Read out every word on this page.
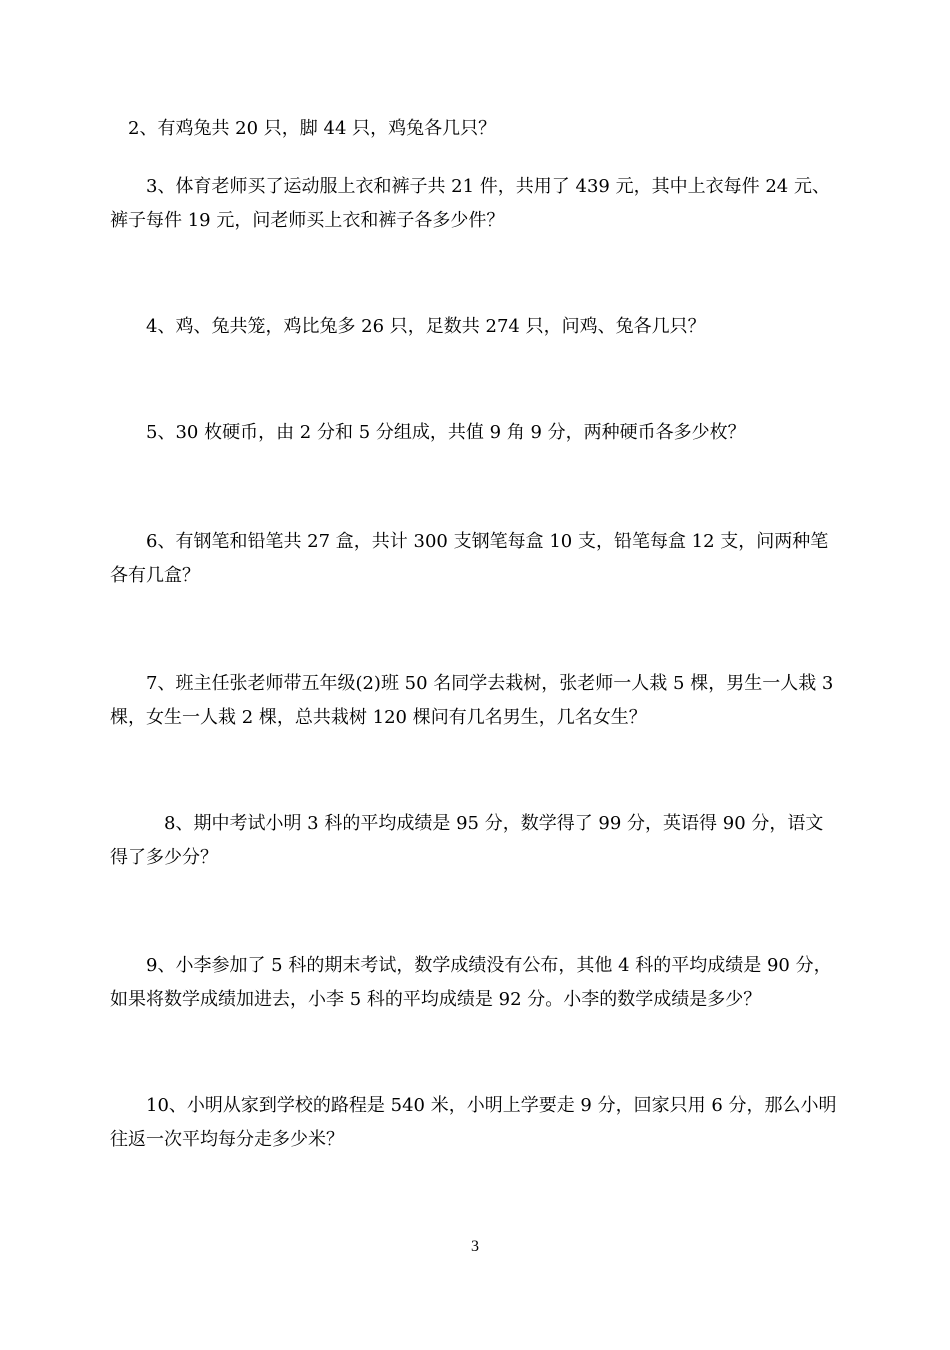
2、有鸡兔共 20 只，脚 44 只，鸡兔各几只？

3、体育老师买了运动服上衣和裤子共 21 件，共用了 439 元，其中上衣每件 24 元、裤子每件 19 元，问老师买上衣和裤子各多少件？

4、鸡、兔共笼，鸡比兔多 26 只，足数共 274 只，问鸡、兔各几只？

5、30 枚硬币，由 2 分和 5 分组成，共值 9 角 9 分，两种硬币各多少枚？

6、有钢笔和铅笔共 27 盒，共计 300 支钢笔每盒 10 支，铅笔每盒 12 支，问两种笔各有几盒？

7、班主任张老师带五年级(2)班 50 名同学去栽树，张老师一人栽 5 棵，男生一人栽 3 棵，女生一人栽 2 棵，总共栽树 120 棵问有几名男生，几名女生？

8、期中考试小明 3 科的平均成绩是 95 分，数学得了 99 分，英语得 90 分，语文得了多少分？

9、小李参加了 5 科的期末考试，数学成绩没有公布，其他 4 科的平均成绩是 90 分，如果将数学成绩加进去，小李 5 科的平均成绩是 92 分。小李的数学成绩是多少？

10、小明从家到学校的路程是 540 米，小明上学要走 9 分，回家只用 6 分，那么小明往返一次平均每分走多少米？

3
